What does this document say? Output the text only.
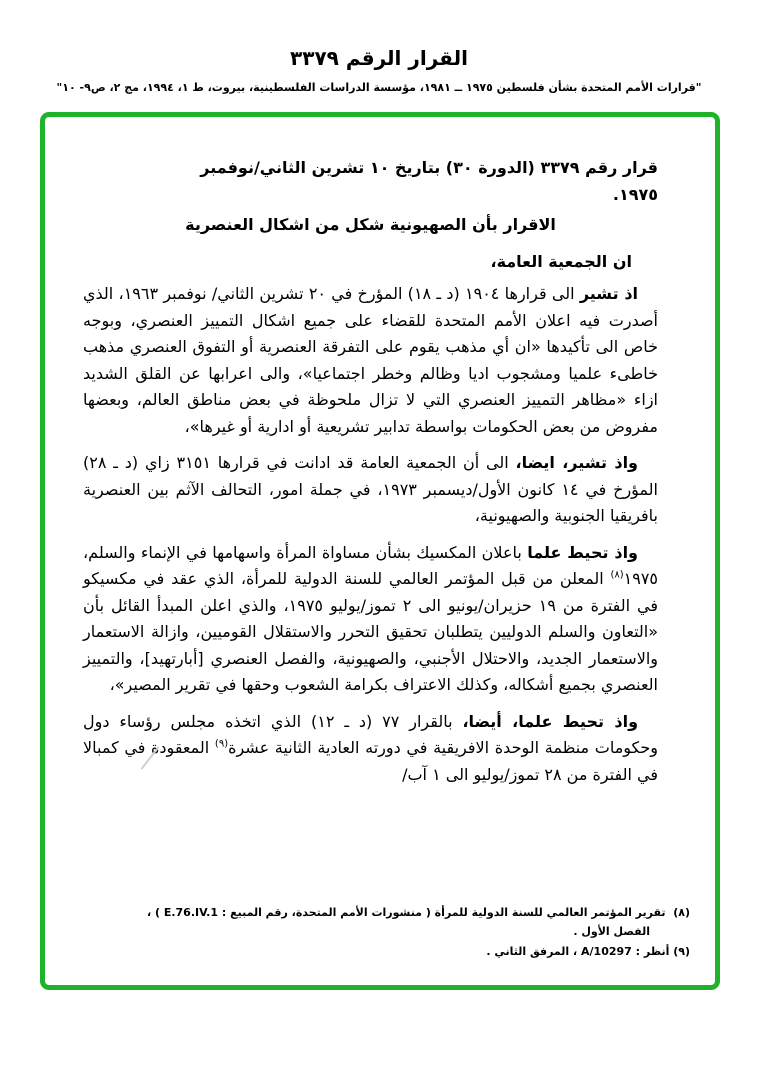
القرار الرقم ٣٣٧٩
"قرارات الأمم المتحدة بشأن فلسطين ١٩٧٥ ــ ١٩٨١، مؤسسة الدراسات الفلسطينية، بيروت، ط ١، ١٩٩٤، مج ٢، ص٩- ١٠"
قرار رقم ٣٣٧٩ (الدورة ٣٠) بتاريخ ١٠ تشرين الثاني/نوفمبر
١٩٧٥.
الاقرار بأن الصهيونية شكل من اشكال العنصرية
ان الجمعية العامة،

اذ تشير الى قرارها ١٩٠٤ (د ـ ١٨) المؤرخ في ٢٠ تشرين الثاني/ نوفمبر ١٩٦٣، الذي أصدرت فيه اعلان الأمم المتحدة للقضاء على جميع اشكال التمييز العنصري، وبوجه خاص الى تأكيدها «ان أي مذهب يقوم على التفرقة العنصرية أو التفوق العنصري مذهب خاطىء علميا ومشجوب اديا وظالم وخطر اجتماعيا»، والى اعرابها عن القلق الشديد ازاء «مظاهر التمييز العنصري التي لا تزال ملحوظة في بعض مناطق العالم، وبعضها مفروض من بعض الحكومات بواسطة تدابير تشريعية أو ادارية أو غيرها»،

واذ تشير، ايضا، الى أن الجمعية العامة قد ادانت في قرارها ٣١٥١ زاي (د ـ ٢٨) المؤرخ في ١٤ كانون الأول/ديسمبر ١٩٧٣، في جملة امور، التحالف الآثم بين العنصرية بافريقيا الجنوبية والصهيونية،

واذ تحيط علما باعلان المكسيك بشأن مساواة المرأة واسهامها في الإنماء والسلم، ١٩٧٥$^{(٨)}$ المعلن من قبل المؤتمر العالمي للسنة الدولية للمرأة، الذي عقد في مكسيكو في الفترة من ١٩ حزيران/يونيو الى ٢ تموز/يوليو ١٩٧٥، والذي اعلن المبدأ القائل بأن «التعاون والسلم الدوليين يتطلبان تحقيق التحرر والاستقلال القوميين، وازالة الاستعمار والاستعمار الجديد، والاحتلال الأجنبي، والصهيونية، والفصل العنصري [أبارتهيد]، والتمييز العنصري بجميع أشكاله، وكذلك الاعتراف بكرامة الشعوب وحقها في تقرير المصير»،

واذ تحيط علما، أيضا، بالقرار ٧٧ (د ـ ١٢) الذي اتخذه مجلس رؤساء دول وحكومات منظمة الوحدة الافريقية في دورته العادية الثانية عشرة$^{(٩)}$ المعقودة في كمبالا في الفترة من ٢٨ تموز/يوليو الى ١ آب/

(٨)  تقرير المؤتمر العالمي للسنة الدولية للمرأة ( منشورات الأمم المتحدة، رقم المبيع : E.76.IV.1 ) ،
الفصل الأول .
(٩) أنظر : A/10297 ، المرفق الثاني .
